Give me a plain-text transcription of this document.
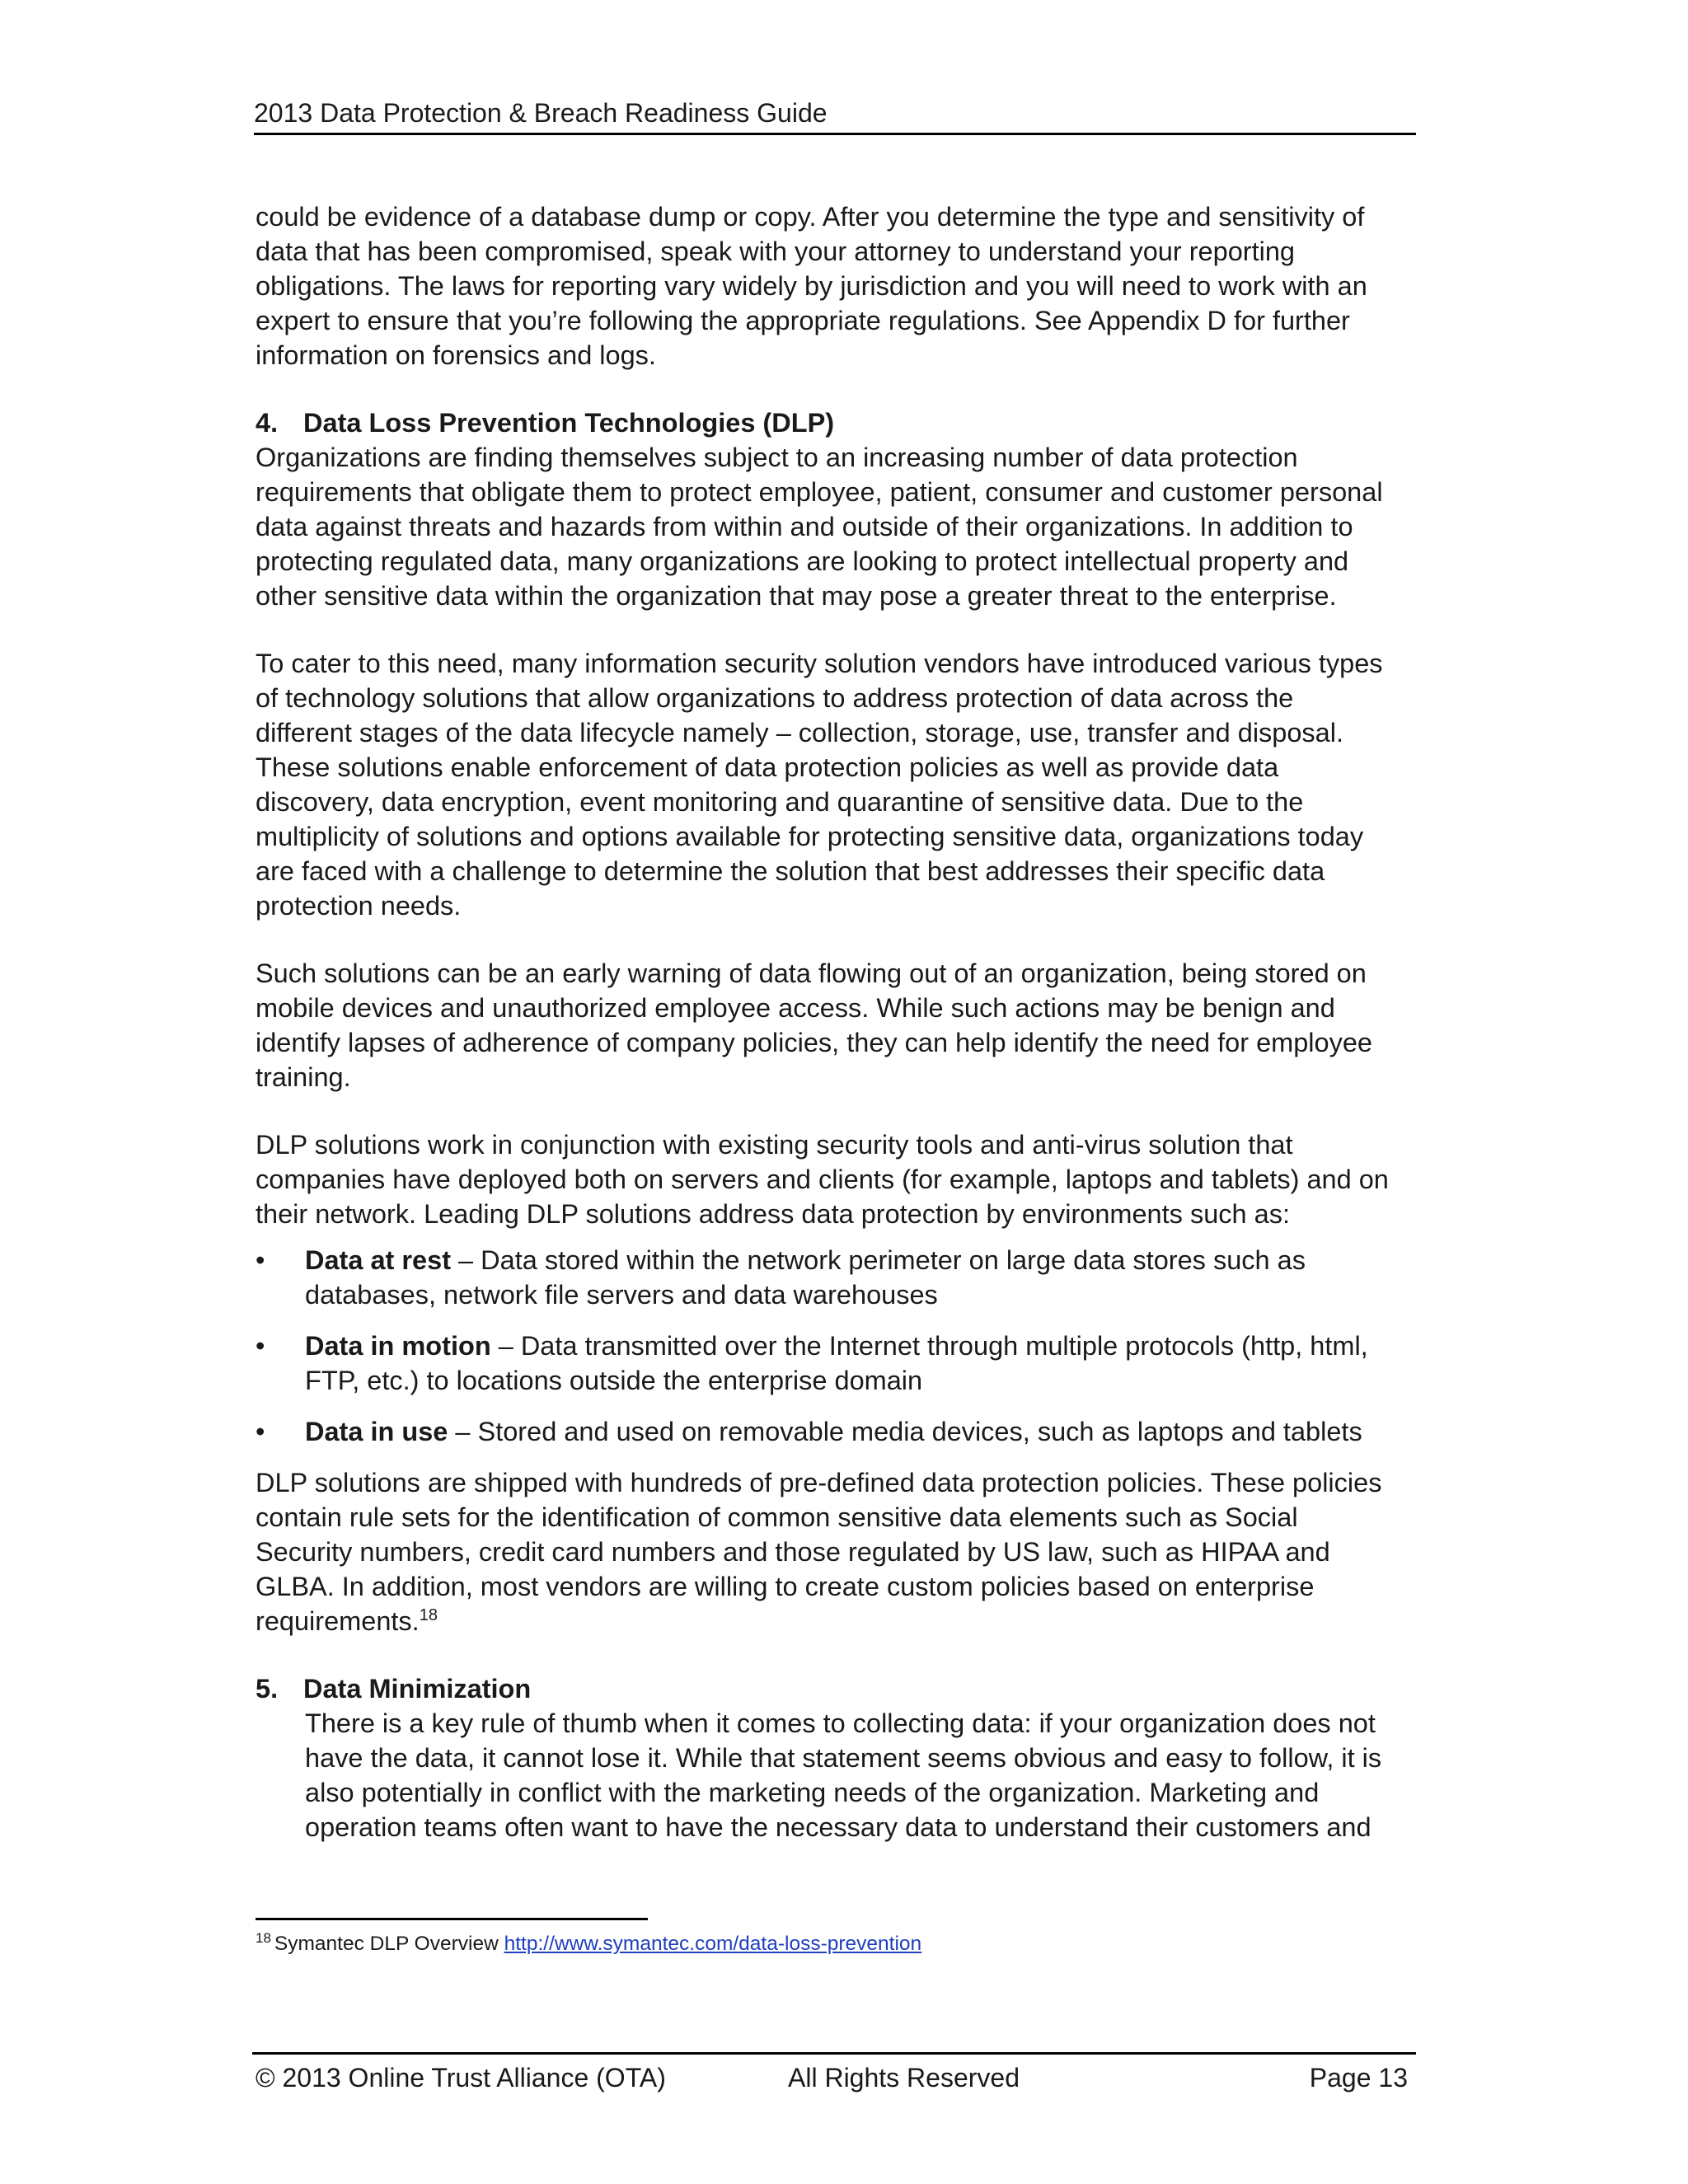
2013 Data Protection & Breach Readiness Guide

could be evidence of a database dump or copy. After you determine the type and sensitivity of
data that has been compromised, speak with your attorney to understand your reporting
obligations. The laws for reporting vary widely by jurisdiction and you will need to work with an
expert to ensure that you’re following the appropriate regulations. See Appendix D for further
information on forensics and logs.

4. Data Loss Prevention Technologies (DLP)

Organizations are finding themselves subject to an increasing number of data protection
requirements that obligate them to protect employee, patient, consumer and customer personal
data against threats and hazards from within and outside of their organizations. In addition to
protecting regulated data, many organizations are looking to protect intellectual property and
other sensitive data within the organization that may pose a greater threat to the enterprise.

To cater to this need, many information security solution vendors have introduced various types
of technology solutions that allow organizations to address protection of data across the
different stages of the data lifecycle namely – collection, storage, use, transfer and disposal.
These solutions enable enforcement of data protection policies as well as provide data
discovery, data encryption, event monitoring and quarantine of sensitive data. Due to the
multiplicity of solutions and options available for protecting sensitive data, organizations today
are faced with a challenge to determine the solution that best addresses their specific data
protection needs.

Such solutions can be an early warning of data flowing out of an organization, being stored on
mobile devices and unauthorized employee access. While such actions may be benign and
identify lapses of adherence of company policies, they can help identify the need for employee
training.

DLP solutions work in conjunction with existing security tools and anti-virus solution that
companies have deployed both on servers and clients (for example, laptops and tablets) and on
their network. Leading DLP solutions address data protection by environments such as:

• Data at rest – Data stored within the network perimeter on large data stores such as
databases, network file servers and data warehouses
• Data in motion – Data transmitted over the Internet through multiple protocols (http, html,
FTP, etc.) to locations outside the enterprise domain
• Data in use – Stored and used on removable media devices, such as laptops and tablets

DLP solutions are shipped with hundreds of pre-defined data protection policies. These policies
contain rule sets for the identification of common sensitive data elements such as Social
Security numbers, credit card numbers and those regulated by US law, such as HIPAA and
GLBA. In addition, most vendors are willing to create custom policies based on enterprise
requirements.$^{18}$

5. Data Minimization

There is a key rule of thumb when it comes to collecting data: if your organization does not
have the data, it cannot lose it. While that statement seems obvious and easy to follow, it is
also potentially in conflict with the marketing needs of the organization. Marketing and
operation teams often want to have the necessary data to understand their customers and

$^{18}$ Symantec DLP Overview http://www.symantec.com/data-loss-prevention
© 2013 Online Trust Alliance (OTA)	All Rights Reserved	Page 13
